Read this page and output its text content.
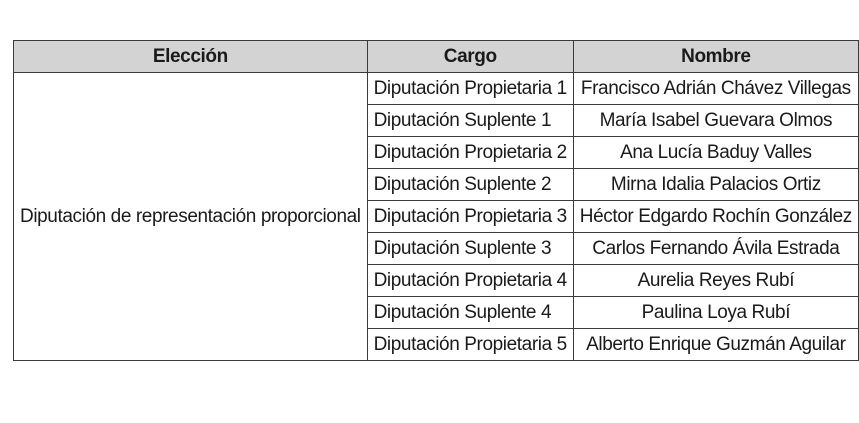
Elección	Cargo	Nombre
Diputación de representación proporcional	Diputación Propietaria 1	Francisco Adrián Chávez Villegas
	Diputación Suplente 1	María Isabel Guevara Olmos
	Diputación Propietaria 2	Ana Lucía Baduy Valles
	Diputación Suplente 2	Mirna Idalia Palacios Ortiz
	Diputación Propietaria 3	Héctor Edgardo Rochín González
	Diputación Suplente 3	Carlos Fernando Ávila Estrada
	Diputación Propietaria 4	Aurelia Reyes Rubí
	Diputación Suplente 4	Paulina Loya Rubí
	Diputación Propietaria 5	Alberto Enrique Guzmán Aguilar
